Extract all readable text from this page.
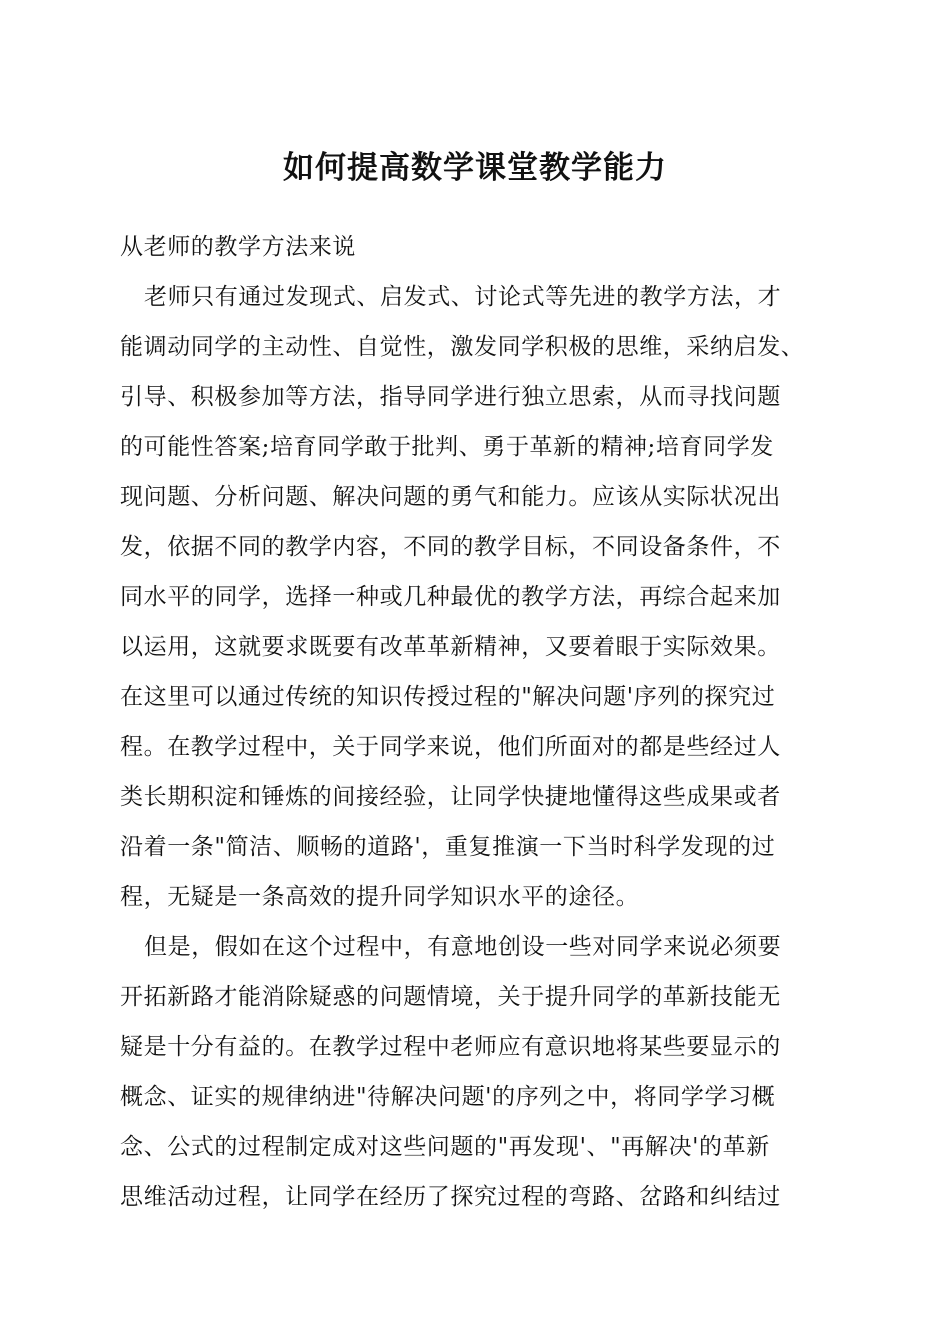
如何提高数学课堂教学能力
从老师的教学方法来说
老师只有通过发现式、启发式、讨论式等先进的教学方法，才
能调动同学的主动性、自觉性，激发同学积极的思维，采纳启发、
引导、积极参加等方法，指导同学进行独立思索，从而寻找问题
的可能性答案;培育同学敢于批判、勇于革新的精神;培育同学发
现问题、分析问题、解决问题的勇气和能力。应该从实际状况出
发，依据不同的教学内容，不同的教学目标，不同设备条件，不
同水平的同学，选择一种或几种最优的教学方法，再综合起来加
以运用，这就要求既要有改革革新精神，又要着眼于实际效果。
在这里可以通过传统的知识传授过程的"解决问题'序列的探究过
程。在教学过程中，关于同学来说，他们所面对的都是些经过人
类长期积淀和锤炼的间接经验，让同学快捷地懂得这些成果或者
沿着一条"简洁、顺畅的道路'，重复推演一下当时科学发现的过
程，无疑是一条高效的提升同学知识水平的途径。
但是，假如在这个过程中，有意地创设一些对同学来说必须要
开拓新路才能消除疑惑的问题情境，关于提升同学的革新技能无
疑是十分有益的。在教学过程中老师应有意识地将某些要显示的
概念、证实的规律纳进"待解决问题'的序列之中，将同学学习概
念、公式的过程制定成对这些问题的"再发现'、"再解决'的革新
思维活动过程，让同学在经历了探究过程的弯路、岔路和纠结过
